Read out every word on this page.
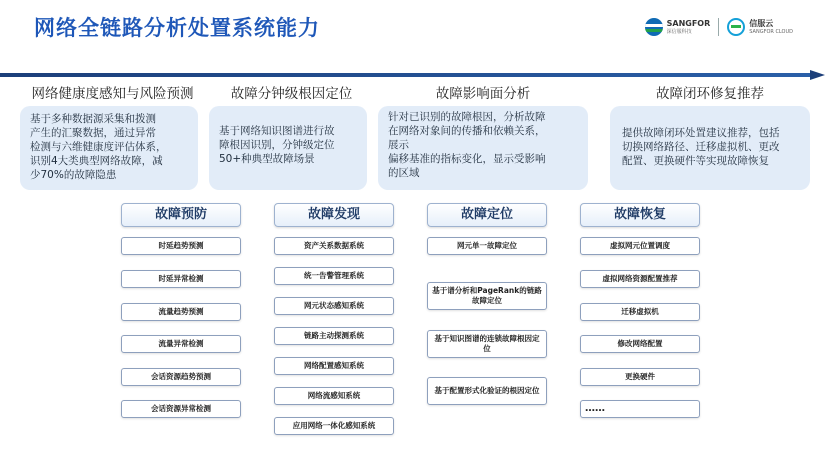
网络全链路分析处置系统能力	SANGFOR
深信服科技
信服云
SANGFOR CLOUD
网络健康度感知与风险预测
基于多种数据源采集和拨测
产生的汇聚数据，通过异常
检测与六维健康度评估体系，
识别4大类典型网络故障，减
少70%的故障隐患
故障预防
时延趋势预测
时延异常检测
流量趋势预测
流量异常检测
会话资源趋势预测
会话资源异常检测
故障分钟级根因定位
基于网络知识图谱进行故
障根因识别，分钟级定位
50+种典型故障场景
故障发现
资产关系数据系统
统一告警管理系统
网元状态感知系统
链路主动探测系统
网络配置感知系统
网络流感知系统
应用网络一体化感知系统
故障影响面分析
针对已识别的故障根因，分析故障
在网络对象间的传播和依赖关系，
展示
偏移基准的指标变化，显示受影响
的区域
故障定位
网元单一故障定位
基于谱分析和PageRank的链路故障定位
基于知识图谱的连锁故障根因定位
基于配置形式化验证的根因定位
故障闭环修复推荐
提供故障闭环处置建议推荐，包括
切换网络路径、迁移虚拟机、更改
配置、更换硬件等实现故障恢复
故障恢复
虚拟网元位置调度
虚拟网络资源配置推荐
迁移虚拟机
修改网络配置
更换硬件
……
